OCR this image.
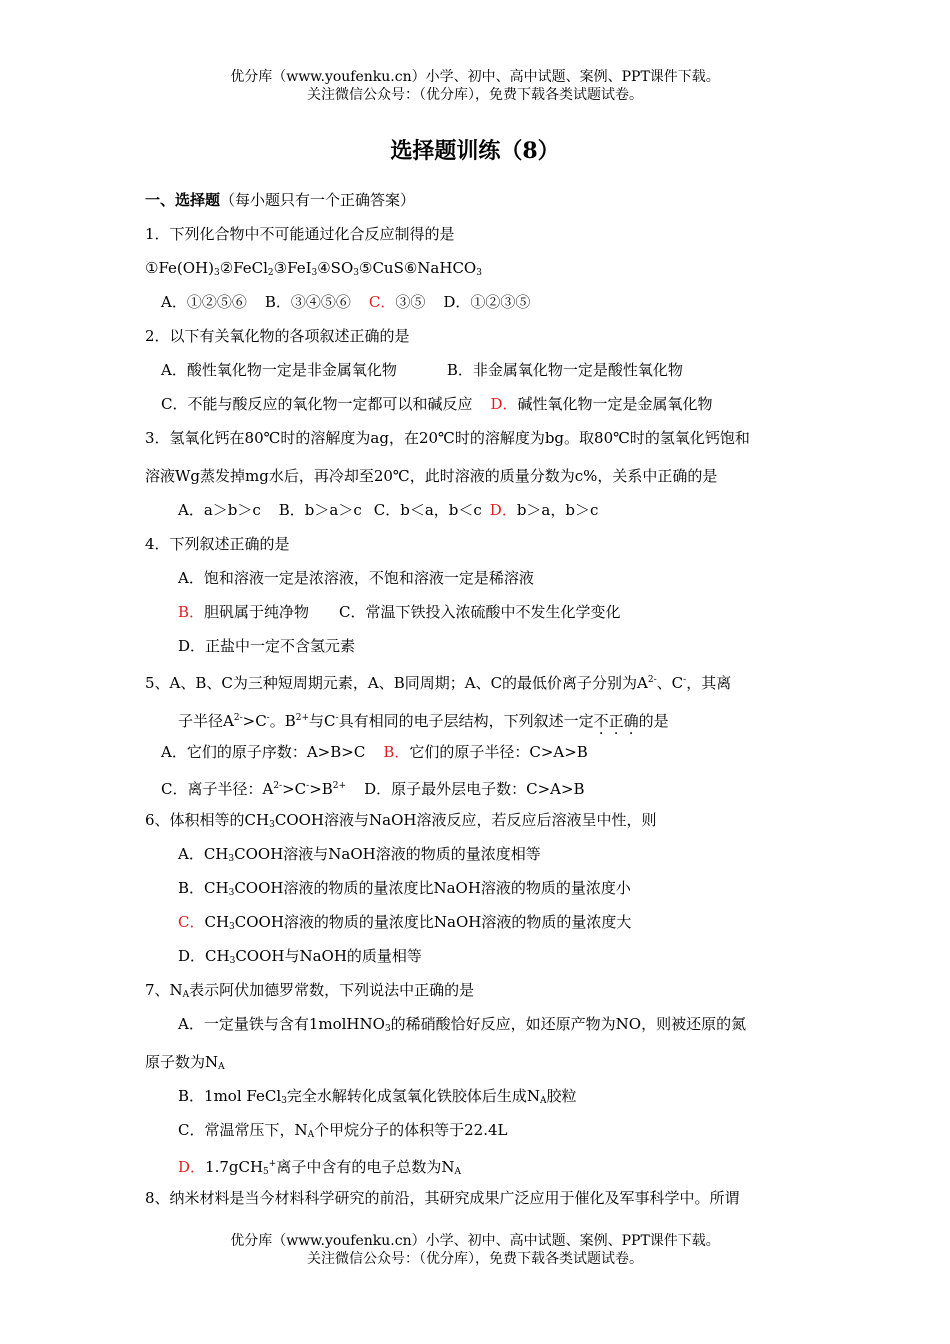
优分库（www.youfenku.cn）小学、初中、高中试题、案例、PPT课件下载。
关注微信公众号：（优分库），免费下载各类试题试卷。
选择题训练（8）
一、选择题（每小题只有一个正确答案）
1．下列化合物中不可能通过化合反应制得的是
$①Fe(OH)_3②FeCl_2③FeI_3④SO_3⑤CuS⑥NaHCO_3$
A．①②⑤⑥ B．③④⑤⑥ C．③⑤ D．①②③⑤
2．以下有关氧化物的各项叙述正确的是
A．酸性氧化物一定是非金属氧化物	B．非金属氧化物一定是酸性氧化物
C．不能与酸反应的氧化物一定都可以和碱反应 D．碱性氧化物一定是金属氧化物
3．氢氧化钙在80℃时的溶解度为ag，在20℃时的溶解度为bg。取80℃时的氢氧化钙饱和
溶液Wg蒸发掉mg水后，再冷却至20℃，此时溶液的质量分数为c%，关系中正确的是
A．a＞b＞c B．b＞a＞c C．b＜a，b＜c D．b＞a，b＞c
4．下列叙述正确的是
A．饱和溶液一定是浓溶液，不饱和溶液一定是稀溶液
B．胆矾属于纯净物 C．常温下铁投入浓硫酸中不发生化学变化
D．正盐中一定不含氢元素
5、A、B、C为三种短周期元素，A、B同周期；A、C的最低价离子分别为$A^{2-}$、C-，其离
子半径$A^{2-}>C^-$。$B^{2+}$与C-具有相同的电子层结构，下列叙述一定不正确的是
A．它们的原子序数：A>B>C B．它们的原子半径：C>A>B
C．离子半径：$A^{2-}>C^->B^{2+}$ D．原子最外层电子数：C>A>B
6、体积相等的$CH_3COOH$溶液与NaOH溶液反应，若反应后溶液呈中性，则
A．$CH_3COOH$溶液与NaOH溶液的物质的量浓度相等
B．$CH_3COOH$溶液的物质的量浓度比NaOH溶液的物质的量浓度小
C．$CH_3COOH$溶液的物质的量浓度比NaOH溶液的物质的量浓度大
D．$CH_3COOH$与NaOH的质量相等
7、$N_A$表示阿伏加德罗常数，下列说法中正确的是
A．一定量铁与含有1molHNO$_3$的稀硝酸恰好反应，如还原产物为NO，则被还原的氮
原子数为$N_A$
B．1mol FeCl$_3$完全水解转化成氢氧化铁胶体后生成$N_A$胶粒
C．常温常压下，$N_A$个甲烷分子的体积等于22.4L
D．1.7gCH$_5$+离子中含有的电子总数为$N_A$
8、纳米材料是当今材料科学研究的前沿，其研究成果广泛应用于催化及军事科学中。所谓
优分库（www.youfenku.cn）小学、初中、高中试题、案例、PPT课件下载。
关注微信公众号：（优分库），免费下载各类试题试卷。
